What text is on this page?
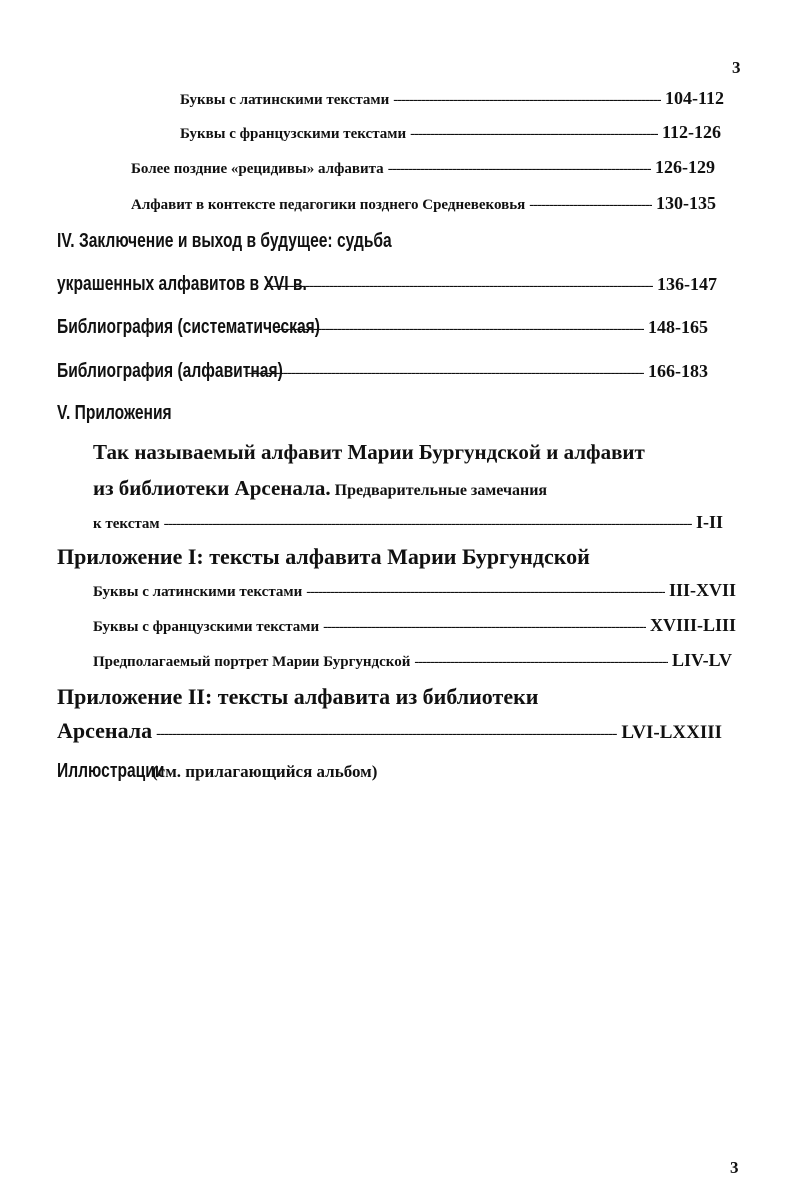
3
Буквы с латинскими текстами -----	104-112
Буквы с французскими текстами -----	112-126
Более поздние «рецидивы» алфавита -----	126-129
Алфавит в контексте педагогики позднего Средневековья -----	130-135
IV. Заключение и выход в будущее: судьба
украшенных алфавитов в XVI в. -----	136-147
Библиография (систематическая) -----	148-165
Библиография (алфавитная) -----	166-183
V. Приложения
Так называемый алфавит Марии Бургундской и алфавит
из библиотеки Арсенала. Предварительные замечания
к текстам -----	I-II
Приложение I: тексты алфавита Марии Бургундской
Буквы с латинскими текстами -----	III-XVII
Буквы с французскими текстами -----	XVIII-LIII
Предполагаемый портрет Марии Бургундской -----	LIV-LV
Приложение II: тексты алфавита из библиотеки
Арсенала -----	LVI-LXXIII
Иллюстрации (см. прилагающийся альбом)
3
